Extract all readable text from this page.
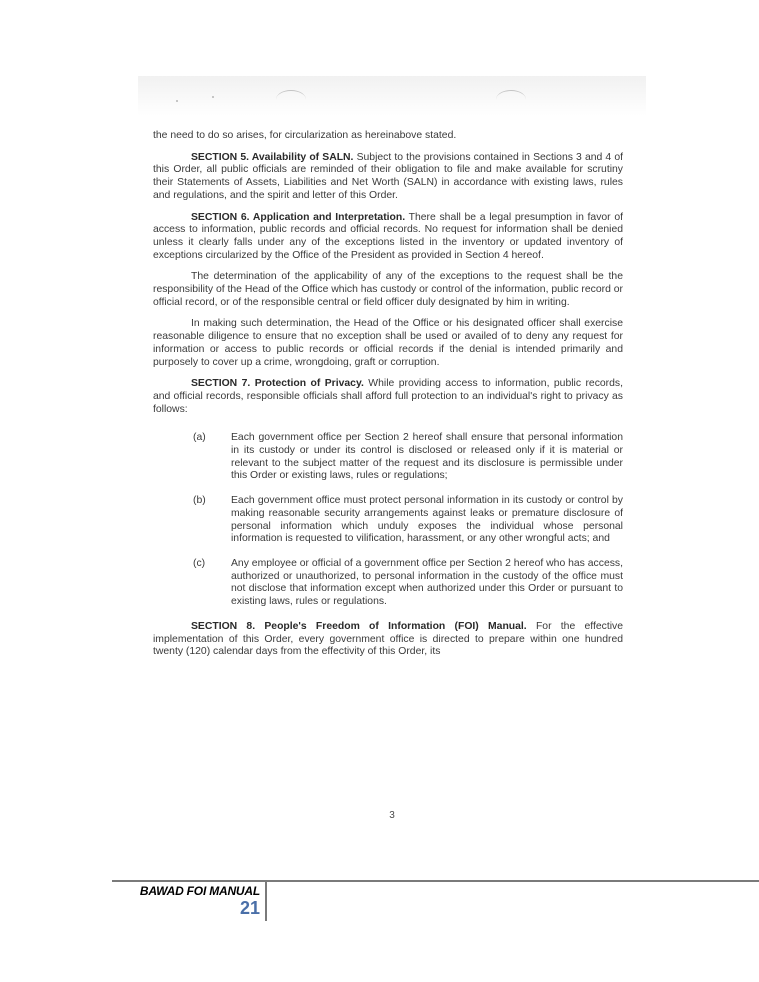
the need to do so arises, for circularization as hereinabove stated.

SECTION 5. Availability of SALN. Subject to the provisions contained in Sections 3 and 4 of this Order, all public officials are reminded of their obligation to file and make available for scrutiny their Statements of Assets, Liabilities and Net Worth (SALN) in accordance with existing laws, rules and regulations, and the spirit and letter of this Order.

SECTION 6. Application and Interpretation. There shall be a legal presumption in favor of access to information, public records and official records. No request for information shall be denied unless it clearly falls under any of the exceptions listed in the inventory or updated inventory of exceptions circularized by the Office of the President as provided in Section 4 hereof.

The determination of the applicability of any of the exceptions to the request shall be the responsibility of the Head of the Office which has custody or control of the information, public record or official record, or of the responsible central or field officer duly designated by him in writing.

In making such determination, the Head of the Office or his designated officer shall exercise reasonable diligence to ensure that no exception shall be used or availed of to deny any request for information or access to public records or official records if the denial is intended primarily and purposely to cover up a crime, wrongdoing, graft or corruption.

SECTION 7. Protection of Privacy. While providing access to information, public records, and official records, responsible officials shall afford full protection to an individual's right to privacy as follows:

(a)	Each government office per Section 2 hereof shall ensure that personal information in its custody or under its control is disclosed or released only if it is material or relevant to the subject matter of the request and its disclosure is permissible under this Order or existing laws, rules or regulations;
(b)	Each government office must protect personal information in its custody or control by making reasonable security arrangements against leaks or premature disclosure of personal information which unduly exposes the individual whose personal information is requested to vilification, harassment, or any other wrongful acts; and
(c)	Any employee or official of a government office per Section 2 hereof who has access, authorized or unauthorized, to personal information in the custody of the office must not disclose that information except when authorized under this Order or pursuant to existing laws, rules or regulations.

SECTION 8. People's Freedom of Information (FOI) Manual. For the effective implementation of this Order, every government office is directed to prepare within one hundred twenty (120) calendar days from the effectivity of this Order, its

3
BAWAD FOI MANUAL
21
